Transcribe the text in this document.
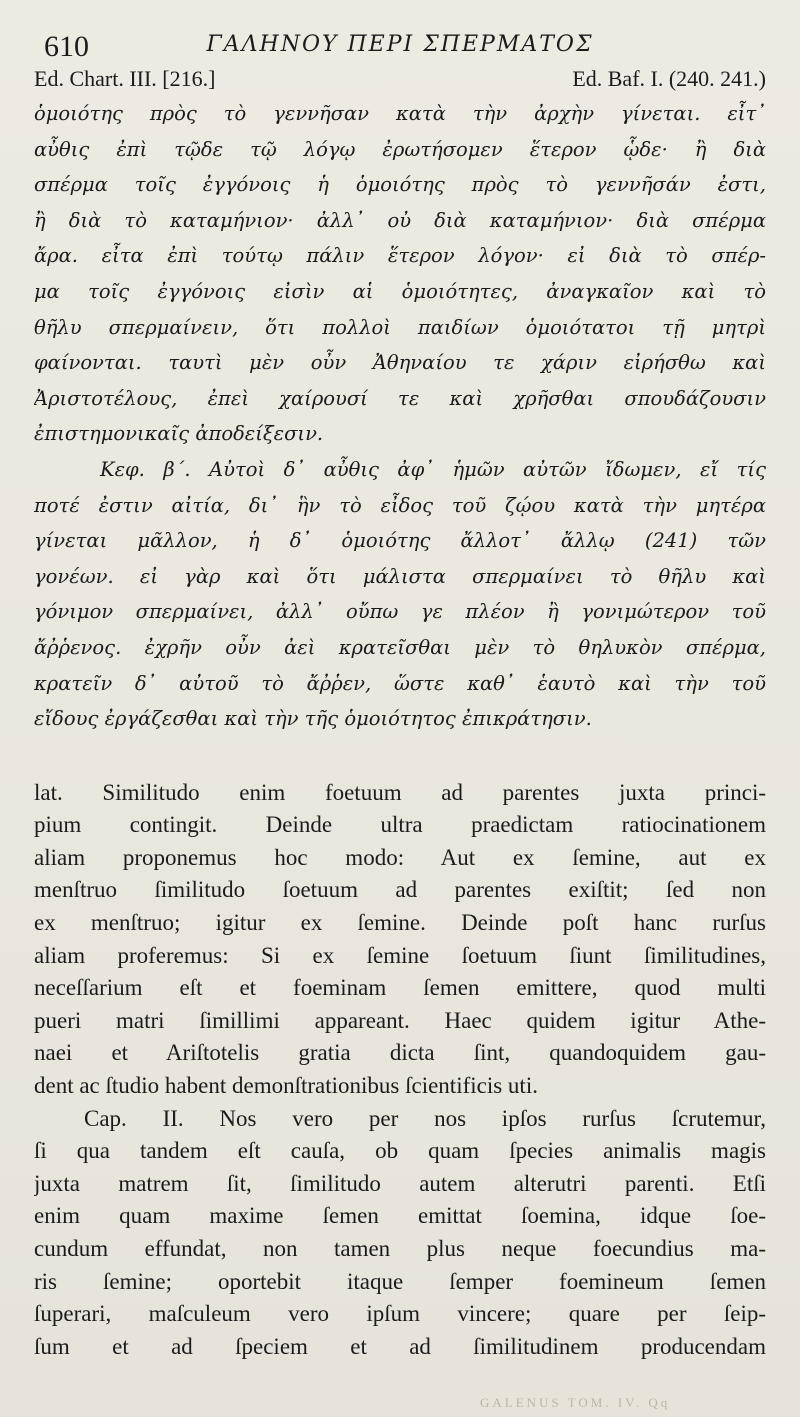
610	ΓΑΛΗΝΟΥ ΠΕΡΙ ΣΠΕΡΜΑΤΟΣ
Ed. Chart. III. [216.]	Ed. Baf. I. (240. 241.)
ὁμοιότης πρὸς τὸ γεννῆσαν κατὰ τὴν ἀρχὴν γίνεται. εἶτ᾽
αὖθις ἐπὶ τῷδε τῷ λόγῳ ἐρωτήσομεν ἕτερον ᾧδε· ἢ διὰ
σπέρμα τοῖς ἐγγόνοις ἡ ὁμοιότης πρὸς τὸ γεννῆσάν ἐστι,
ἢ διὰ τὸ καταμήνιον· ἀλλ᾽ οὐ διὰ καταμήνιον· διὰ σπέρμα
ἄρα. εἶτα ἐπὶ τούτῳ πάλιν ἕτερον λόγον· εἰ διὰ τὸ σπέρ-
μα τοῖς ἐγγόνοις εἰσὶν αἱ ὁμοιότητες, ἀναγκαῖον καὶ τὸ
θῆλυ σπερμαίνειν, ὅτι πολλοὶ παιδίων ὁμοιότατοι τῇ μητρὶ
φαίνονται. ταυτὶ μὲν οὖν Ἀθηναίου τε χάριν εἰρήσθω καὶ
Ἀριστοτέλους, ἐπεὶ χαίρουσί τε καὶ χρῆσθαι σπουδάζουσιν
ἐπιστημονικαῖς ἀποδείξεσιν.
Κεφ. β΄. Αὐτοὶ δ᾽ αὖθις ἀφ᾽ ἡμῶν αὐτῶν ἴδωμεν, εἴ τίς
ποτέ ἐστιν αἰτία, δι᾽ ἣν τὸ εἶδος τοῦ ζῴου κατὰ τὴν μητέρα
γίνεται μᾶλλον, ἡ δ᾽ ὁμοιότης ἄλλοτ᾽ ἄλλῳ (241) τῶν
γονέων. εἰ γὰρ καὶ ὅτι μάλιστα σπερμαίνει τὸ θῆλυ καὶ
γόνιμον σπερμαίνει, ἀλλ᾽ οὔπω γε πλέον ἢ γονιμώτερον τοῦ
ἄῤῥενος. ἐχρῆν οὖν ἀεὶ κρατεῖσθαι μὲν τὸ θηλυκὸν σπέρμα,
κρατεῖν δ᾽ αὐτοῦ τὸ ἄῤῥεν, ὥστε καθ᾽ ἑαυτὸ καὶ τὴν τοῦ
εἴδους ἐργάζεσθαι καὶ τὴν τῆς ὁμοιότητος ἐπικράτησιν.
lat. Similitudo enim foetuum ad parentes juxta princi-
pium contingit. Deinde ultra praedictam ratiocinationem
aliam proponemus hoc modo: Aut ex ſemine, aut ex
menſtruo ſimilitudo ſoetuum ad parentes exiſtit; ſed non
ex menſtruo; igitur ex ſemine. Deinde poſt hanc rurſus
aliam proferemus: Si ex ſemine ſoetuum ſiunt ſimilitudines,
neceſſarium eſt et foeminam ſemen emittere, quod multi
pueri matri ſimillimi appareant. Haec quidem igitur Athe-
naei et Ariſtotelis gratia dicta ſint, quandoquidem gau-
dent ac ſtudio habent demonſtrationibus ſcientificis uti.
Cap. II. Nos vero per nos ipſos rurſus ſcrutemur,
ſi qua tandem eſt cauſa, ob quam ſpecies animalis magis
juxta matrem ſit, ſimilitudo autem alterutri parenti. Etſi
enim quam maxime ſemen emittat ſoemina, idque ſoe-
cundum effundat, non tamen plus neque foecundius ma-
ris ſemine; oportebit itaque ſemper foemineum ſemen
ſuperari, maſculeum vero ipſum vincere; quare per ſeip-
ſum et ad ſpeciem et ad ſimilitudinem producendam
GALENUS TOM. IV. Qq
